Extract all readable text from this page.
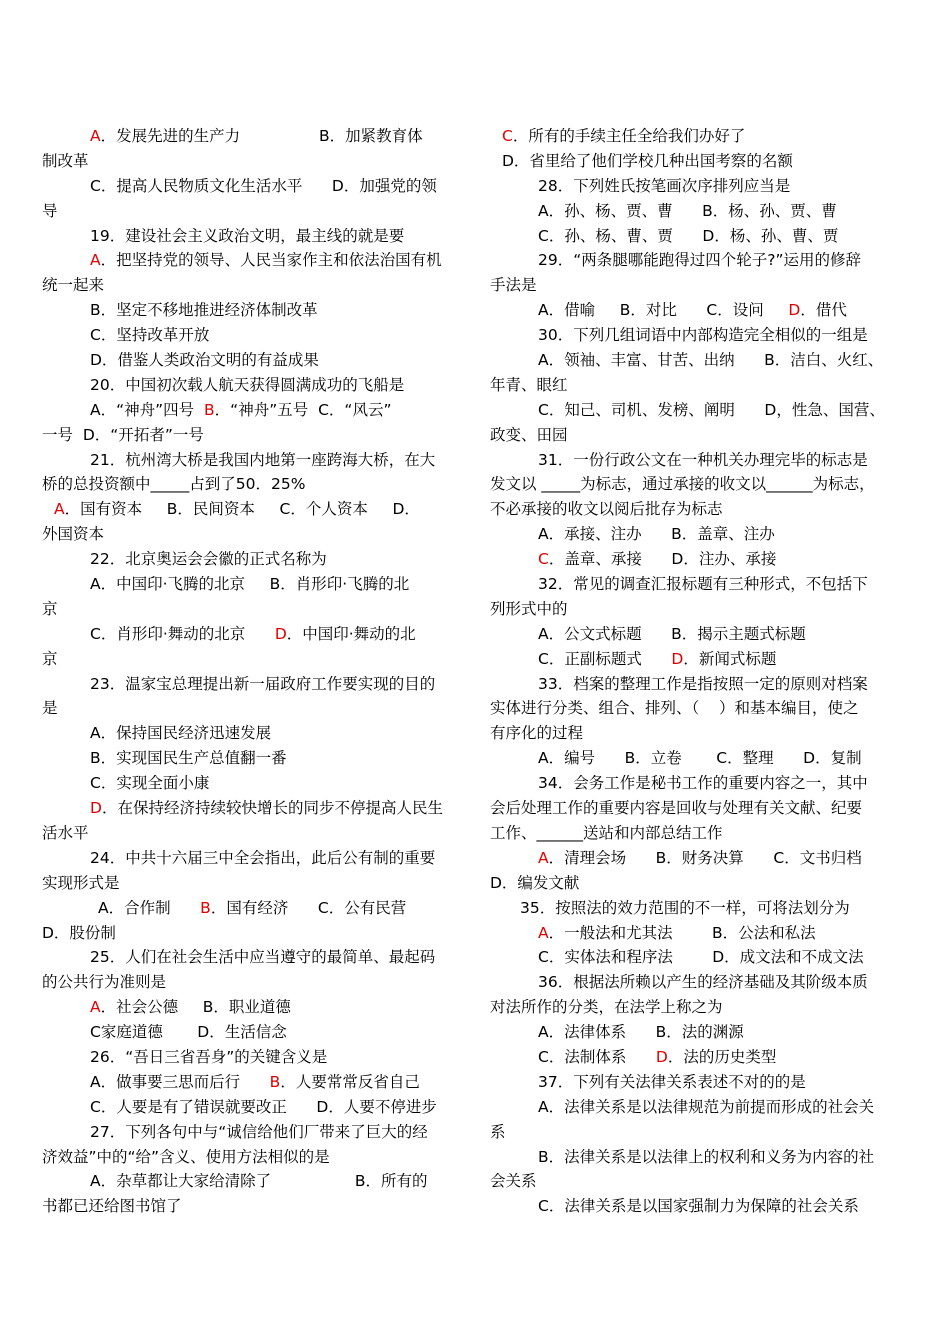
A．发展先进的生产力                B．加紧教育体
制改革
C．提高人民物质文化生活水平      D．加强党的领
导
19．建设社会主义政治文明，最主线的就是要
A．把坚持党的领导、人民当家作主和依法治国有机
统一起来
B．坚定不移地推进经济体制改革
C．坚持改革开放
D．借鉴人类政治文明的有益成果
20．中国初次载人航天获得圆满成功的飞船是
A．“神舟”四号  B．“神舟”五号  C．“风云”
一号  D．“开拓者”一号
21．杭州湾大桥是我国内地第一座跨海大桥，在大
桥的总投资额中_____占到了50．25%
A．国有资本     B．民间资本     C．个人资本     D．
外国资本
22．北京奥运会会徽的正式名称为
A．中国印·飞腾的北京     B．肖形印·飞腾的北
京
C．肖形印·舞动的北京      D．中国印·舞动的北
京
23．温家宝总理提出新一届政府工作要实现的目的
是
A．保持国民经济迅速发展
B．实现国民生产总值翻一番
C．实现全面小康
D．在保持经济持续较快增长的同步不停提高人民生
活水平
24．中共十六届三中全会指出，此后公有制的重要
实现形式是
A．合作制      B．国有经济      C．公有民营
D．股份制
25．人们在社会生活中应当遵守的最简单、最起码
的公共行为准则是
A．社会公德     B．职业道德
C家庭道德       D．生活信念
26．“吾日三省吾身”的关键含义是
A．做事要三思而后行      B．人要常常反省自己
C．人要是有了错误就要改正      D．人要不停进步
27．下列各句中与“诚信给他们厂带来了巨大的经
济效益”中的“给”含义、使用方法相似的是
A．杂草都让大家给清除了                 B．所有的
书都已还给图书馆了
C．所有的手续主任全给我们办好了
D．省里给了他们学校几种出国考察的名额
28．下列姓氏按笔画次序排列应当是
A．孙、杨、贾、曹      B．杨、孙、贾、曹
C．孙、杨、曹、贾      D．杨、孙、曹、贾
29．“两条腿哪能跑得过四个轮子?”运用的修辞
手法是
A．借喻     B．对比      C．设问     D．借代
30．下列几组词语中内部构造完全相似的一组是
A．领袖、丰富、甘苦、出纳      B．洁白、火红、
年青、眼红
C．知己、司机、发榜、阐明      D，性急、国营、
政变、田园
31．一份行政公文在一种机关办理完毕的标志是
发文以 _____为标志，通过承接的收文以______为标志，
不必承接的收文以阅后批存为标志
A．承接、注办      B．盖章、注办
C．盖章、承接      D．注办、承接
32．常见的调查汇报标题有三种形式，不包括下
列形式中的
A．公文式标题      B．揭示主题式标题
C．正副标题式      D．新闻式标题
33．档案的整理工作是指按照一定的原则对档案
实体进行分类、组合、排列、（    ）和基本编目，使之
有序化的过程
A．编号      B．立卷       C．整理      D．复制
34．会务工作是秘书工作的重要内容之一，其中
会后处理工作的重要内容是回收与处理有关文献、纪要
工作、______送站和内部总结工作
A．清理会场      B．财务决算      C．文书归档
D．编发文献
35．按照法的效力范围的不一样，可将法划分为
A．一般法和尤其法        B．公法和私法
C．实体法和程序法        D．成文法和不成文法
36．根据法所赖以产生的经济基础及其阶级本质
对法所作的分类，在法学上称之为
A．法律体系      B．法的渊源
C．法制体系      D．法的历史类型
37．下列有关法律关系表述不对的的是
A．法律关系是以法律规范为前提而形成的社会关
系
B．法律关系是以法律上的权利和义务为内容的社
会关系
C．法律关系是以国家强制力为保障的社会关系
